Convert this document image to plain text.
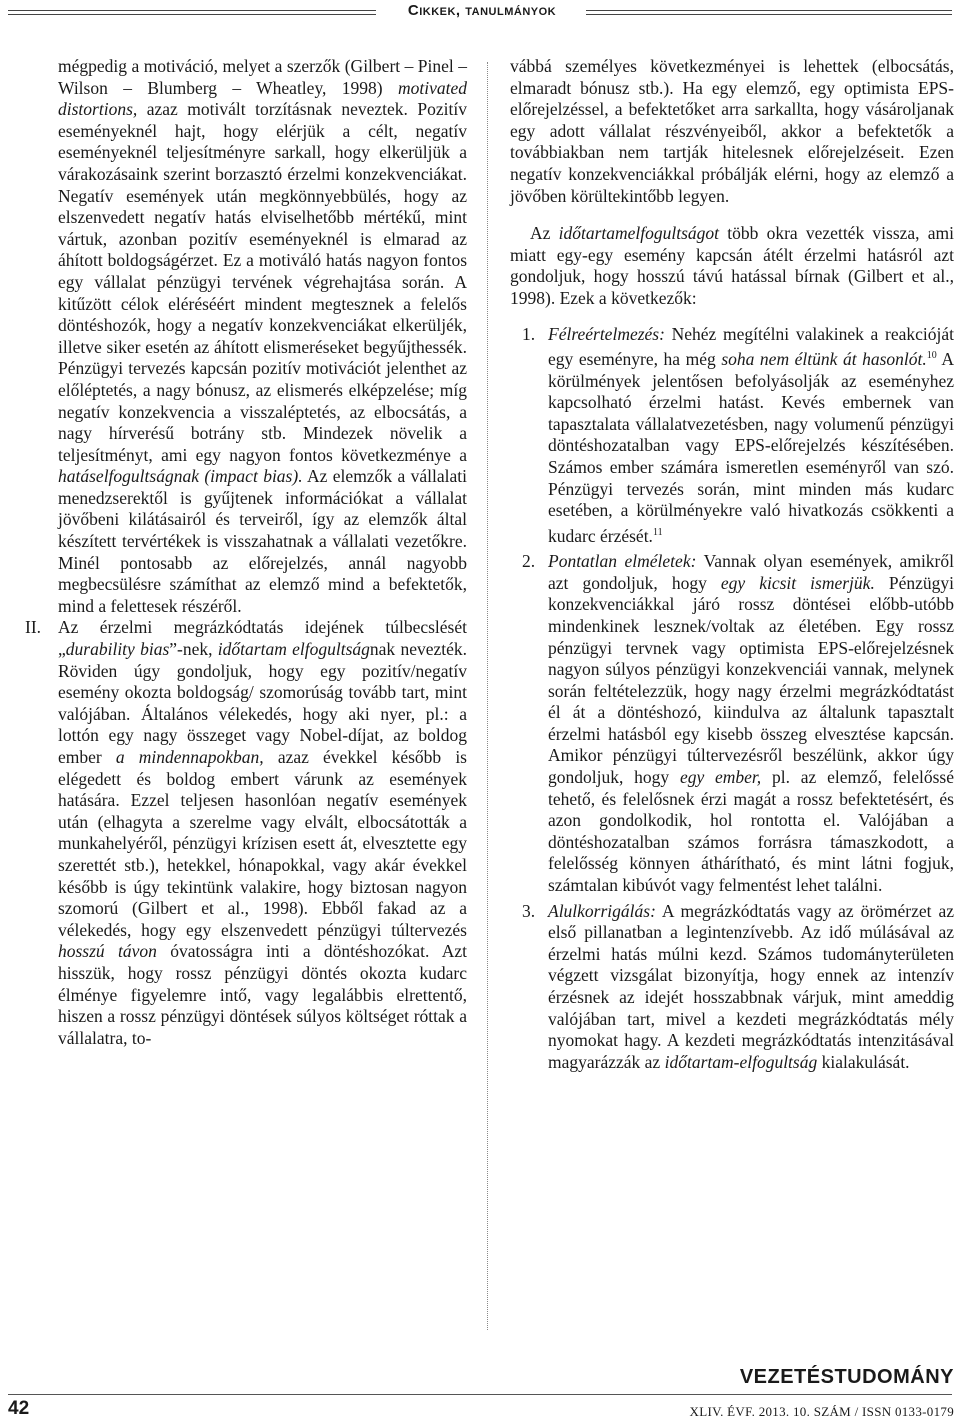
Cikkek, tanulmányok

mégpedig a motiváció, melyet a szerzők (Gilbert – Pinel – Wilson – Blumberg – Wheatley, 1998) motivated distortions, azaz motivált torzításnak neveztek. Pozitív eseményeknél hajt, hogy elérjük a célt, negatív eseményeknél teljesítményre sarkall, hogy elkerüljük a várakozásaink szerint borzasztó érzelmi konzekvenciákat. Negatív események után megkönnyebbülés, hogy az elszenvedett negatív hatás elviselhetőbb mértékű, mint vártuk, azonban pozitív eseményeknél is elmarad az áhított boldogságérzet. Ez a motiváló hatás nagyon fontos egy vállalat pénzügyi tervének végrehajtása során. A kitűzött célok eléréséért mindent megtesznek a felelős döntéshozók, hogy a negatív konzekvenciákat elkerüljék, illetve siker esetén az áhított elismeréseket begyűjthessék. Pénzügyi tervezés kapcsán pozitív motivációt jelenthet az előléptetés, a nagy bónusz, az elismerés elképzelése; míg negatív konzekvencia a visszaléptetés, az elbocsátás, a nagy hírverésű botrány stb. Mindezek növelik a teljesítményt, ami egy nagyon fontos következménye a hatáselfogultságnak (impact bias). Az elemzők a vállalati menedzserektől is gyűjtenek információkat a vállalat jövőbeni kilátásairól és terveiről, így az elemzők által készített tervértékek is visszahatnak a vállalati vezetőkre. Minél pontosabb az előrejelzés, annál nagyobb megbecsülésre számíthat az elemző mind a befektetők, mind a felettesek részéről.

II. Az érzelmi megrázkódtatás idejének túlbecslését „durability bias”-nek, időtartam elfogultságnak nevezték. Röviden úgy gondoljuk, hogy egy pozitív/negatív esemény okozta boldogság/ szomorúság tovább tart, mint valójában. Általános vélekedés, hogy aki nyer, pl.: a lottón egy nagy összeget vagy Nobel-díjat, az boldog ember a mindennapokban, azaz évekkel később is elégedett és boldog embert várunk az események hatására. Ezzel teljesen hasonlóan negatív események után (elhagyta a szerelme vagy elvált, elbocsátották a munkahelyéről, pénzügyi krízisen esett át, elvesztette egy szerettét stb.), hetekkel, hónapokkal, vagy akár évekkel később is úgy tekintünk valakire, hogy biztosan nagyon szomorú (Gilbert et al., 1998). Ebből fakad az a vélekedés, hogy egy elszenvedett pénzügyi túltervezés hosszú távon óvatosságra inti a döntéshozókat. Azt hisszük, hogy rossz pénzügyi döntés okozta kudarc élménye figyelemre intő, vagy legalábbis elrettentő, hiszen a rossz pénzügyi döntések súlyos költséget róttak a vállalatra, to-

vábbá személyes következményei is lehettek (elbocsátás, elmaradt bónusz stb.). Ha egy elemző, egy optimista EPS-előrejelzéssel, a befektetőket arra sarkallta, hogy vásároljanak egy adott vállalat részvényeiből, akkor a befektetők a továbbiakban nem tartják hitelesnek előrejelzéseit. Ezen negatív konzekvenciákkal próbálják elérni, hogy az elemző a jövőben körültekintőbb legyen.

Az időtartamelfogultságot több okra vezették vissza, ami miatt egy-egy esemény kapcsán átélt érzelmi hatásról azt gondoljuk, hogy hosszú távú hatással bírnak (Gilbert et al., 1998). Ezek a következők:

1. Félreértelmezés: Nehéz megítélni valakinek a reakcióját egy eseményre, ha még soha nem éltünk át hasonlót.$^{10}$ A körülmények jelentősen befolyásolják az eseményhez kapcsolható érzelmi hatást. Kevés embernek van tapasztalata vállalatvezetésben, nagy volumenű pénzügyi döntéshozatalban vagy EPS-előrejelzés készítésében. Számos ember számára ismeretlen eseményről van szó. Pénzügyi tervezés során, mint minden más kudarc esetében, a körülményekre való hivatkozás csökkenti a kudarc érzését.$^{11}$

2. Pontatlan elméletek: Vannak olyan események, amikről azt gondoljuk, hogy egy kicsit ismerjük. Pénzügyi konzekvenciákkal járó rossz döntései előbb-utóbb mindenkinek lesznek/voltak az életében. Egy rossz pénzügyi tervnek vagy optimista EPS-előrejelzésnek nagyon súlyos pénzügyi konzekvenciái vannak, melynek során feltételezzük, hogy nagy érzelmi megrázkódtatást él át a döntéshozó, kiindulva az általunk tapasztalt érzelmi hatásból egy kisebb összeg elvesztése kapcsán. Amikor pénzügyi túltervezésről beszélünk, akkor úgy gondoljuk, hogy egy ember, pl. az elemző, felelőssé tehető, és felelősnek érzi magát a rossz befektetésért, és azon gondolkodik, hol rontotta el. Valójában a döntéshozatalban számos forrásra támaszkodott, a felelősség könnyen áthárítható, és mint látni fogjuk, számtalan kibúvót vagy felmentést lehet találni.

3. Alulkorrigálás: A megrázkódtatás vagy az örömérzet az első pillanatban a legintenzívebb. Az idő múlásával az érzelmi hatás múlni kezd. Számos tudományterületen végzett vizsgálat bizonyítja, hogy ennek az intenzív érzésnek az idejét hosszabbnak várjuk, mint ameddig valójában tart, mivel a kezdeti megrázkódtatás mély nyomokat hagy. A kezdeti megrázkódtatás intenzitásával magyarázzák az időtartam-elfogultság kialakulását.

VEZETÉSTUDOMÁNY
42	XLIV. ÉVF. 2013. 10. SZÁM / ISSN 0133-0179
